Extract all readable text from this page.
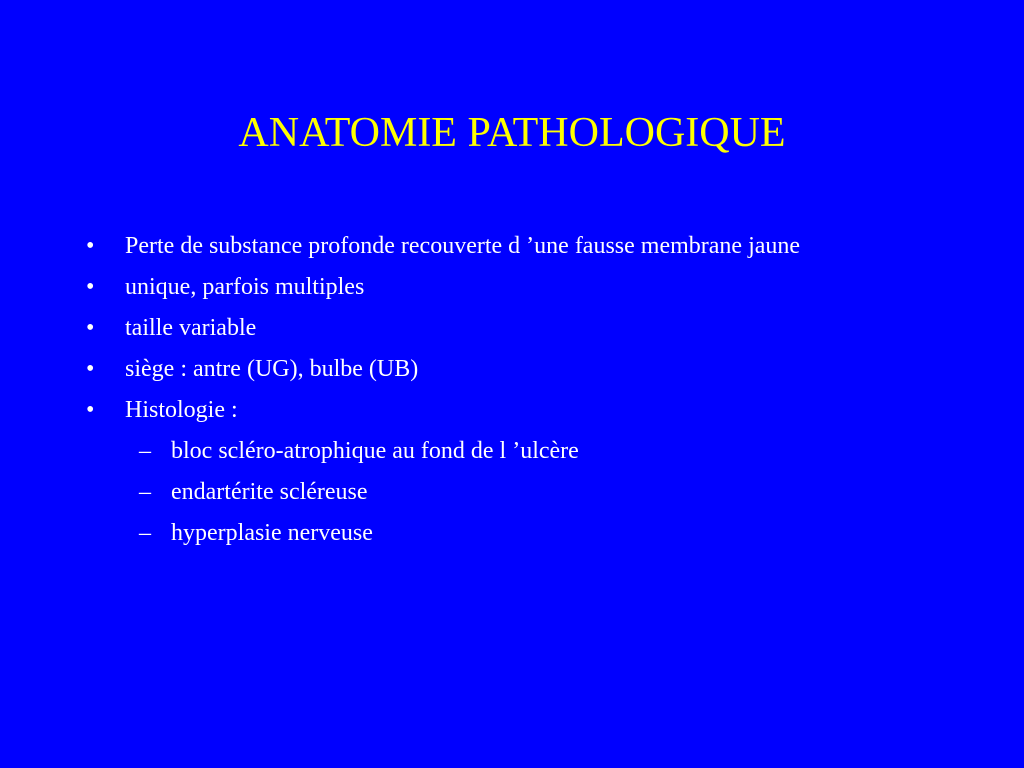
ANATOMIE PATHOLOGIQUE
• Perte de substance profonde recouverte d ’une fausse membrane jaune
• unique, parfois multiples
• taille variable
• siège : antre (UG), bulbe (UB)
• Histologie :
– bloc scléro-atrophique au fond de l ’ulcère
– endartérite scléreuse
– hyperplasie nerveuse
